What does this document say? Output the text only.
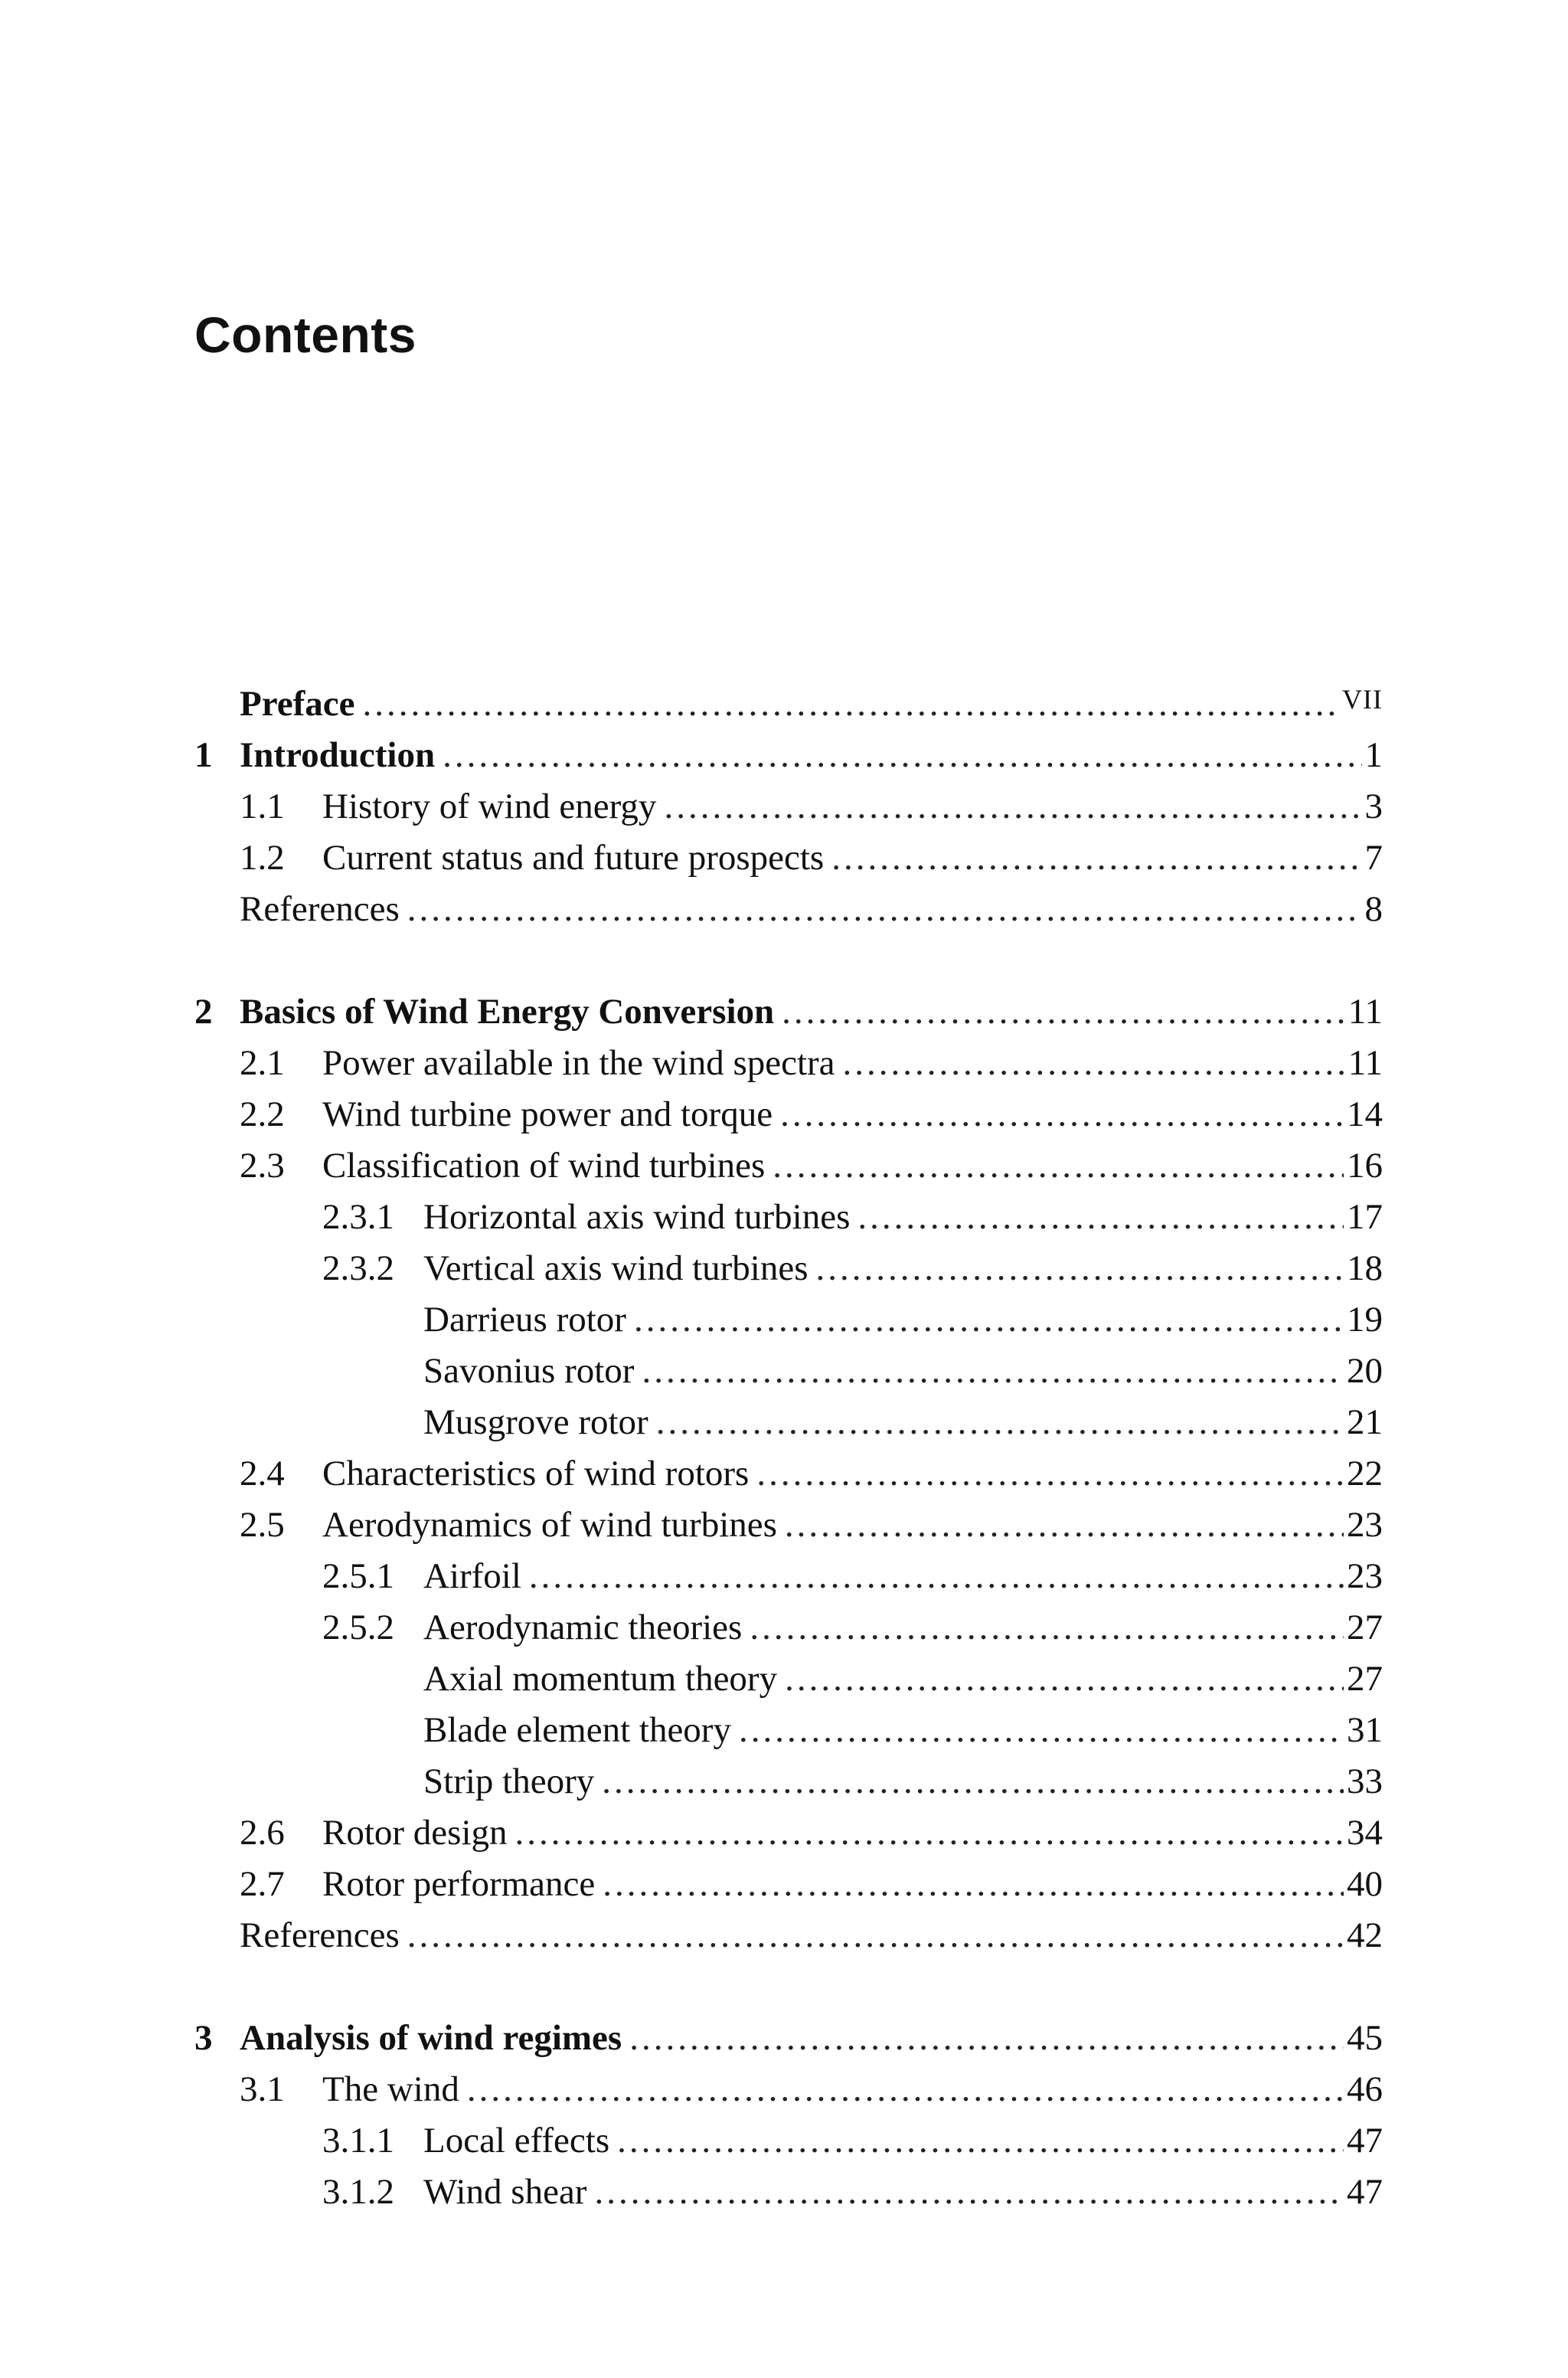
Contents
Preface .....	VII
1 Introduction .....	1
1.1	History of wind energy .....	3
1.2	Current status and future prospects .....	7
References .....	8
2 Basics of Wind Energy Conversion .....	11
2.1	Power available in the wind spectra .....	11
2.2	Wind turbine power and torque .....	14
2.3	Classification of wind turbines .....	16
2.3.1 Horizontal axis wind turbines .....	17
2.3.2 Vertical axis wind turbines .....	18
Darrieus rotor .....	19
Savonius rotor .....	20
Musgrove rotor .....	21
2.4	Characteristics of wind rotors .....	22
2.5	Aerodynamics of wind turbines .....	23
2.5.1 Airfoil .....	23
2.5.2 Aerodynamic theories .....	27
Axial momentum theory .....	27
Blade element theory .....	31
Strip theory .....	33
2.6	Rotor design .....	34
2.7	Rotor performance .....	40
References .....	42
3 Analysis of wind regimes .....	45
3.1	The wind .....	46
3.1.1 Local effects .....	47
3.1.2 Wind shear .....	47
